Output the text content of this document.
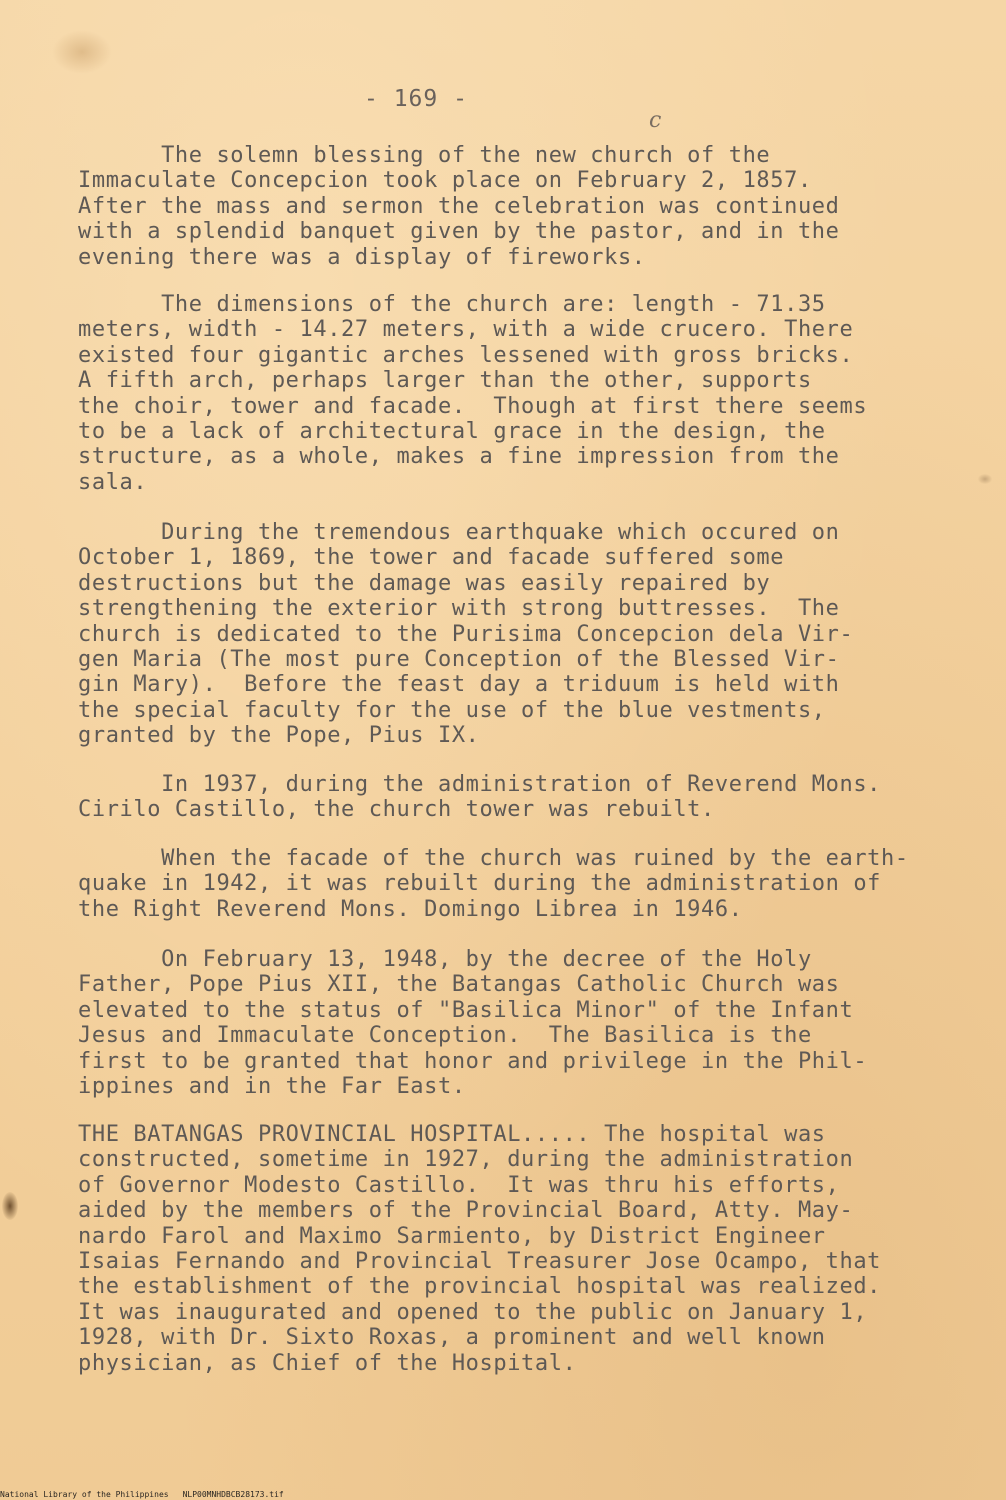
- 169 -
c

The solemn blessing of the new church of the
Immaculate Concepcion took place on February 2, 1857.
After the mass and sermon the celebration was continued
with a splendid banquet given by the pastor, and in the
evening there was a display of fireworks.

The dimensions of the church are: length - 71.35
meters, width - 14.27 meters, with a wide crucero. There
existed four gigantic arches lessened with gross bricks.
A fifth arch, perhaps larger than the other, supports
the choir, tower and facade.  Though at first there seems
to be a lack of architectural grace in the design, the
structure, as a whole, makes a fine impression from the
sala.

During the tremendous earthquake which occured on
October 1, 1869, the tower and facade suffered some
destructions but the damage was easily repaired by
strengthening the exterior with strong buttresses.  The
church is dedicated to the Purisima Concepcion dela Vir-
gen Maria (The most pure Conception of the Blessed Vir-
gin Mary).  Before the feast day a triduum is held with
the special faculty for the use of the blue vestments,
granted by the Pope, Pius IX.

In 1937, during the administration of Reverend Mons.
Cirilo Castillo, the church tower was rebuilt.

When the facade of the church was ruined by the earth-
quake in 1942, it was rebuilt during the administration of
the Right Reverend Mons. Domingo Librea in 1946.

On February 13, 1948, by the decree of the Holy
Father, Pope Pius XII, the Batangas Catholic Church was
elevated to the status of "Basilica Minor" of the Infant
Jesus and Immaculate Conception.  The Basilica is the
first to be granted that honor and privilege in the Phil-
ippines and in the Far East.

THE BATANGAS PROVINCIAL HOSPITAL..... The hospital was
constructed, sometime in 1927, during the administration
of Governor Modesto Castillo.  It was thru his efforts,
aided by the members of the Provincial Board, Atty. May-
nardo Farol and Maximo Sarmiento, by District Engineer
Isaias Fernando and Provincial Treasurer Jose Ocampo, that
the establishment of the provincial hospital was realized.
It was inaugurated and opened to the public on January 1,
1928, with Dr. Sixto Roxas, a prominent and well known
physician, as Chief of the Hospital.

National Library of the Philippines NLP00MNHDBCB28173.tif
